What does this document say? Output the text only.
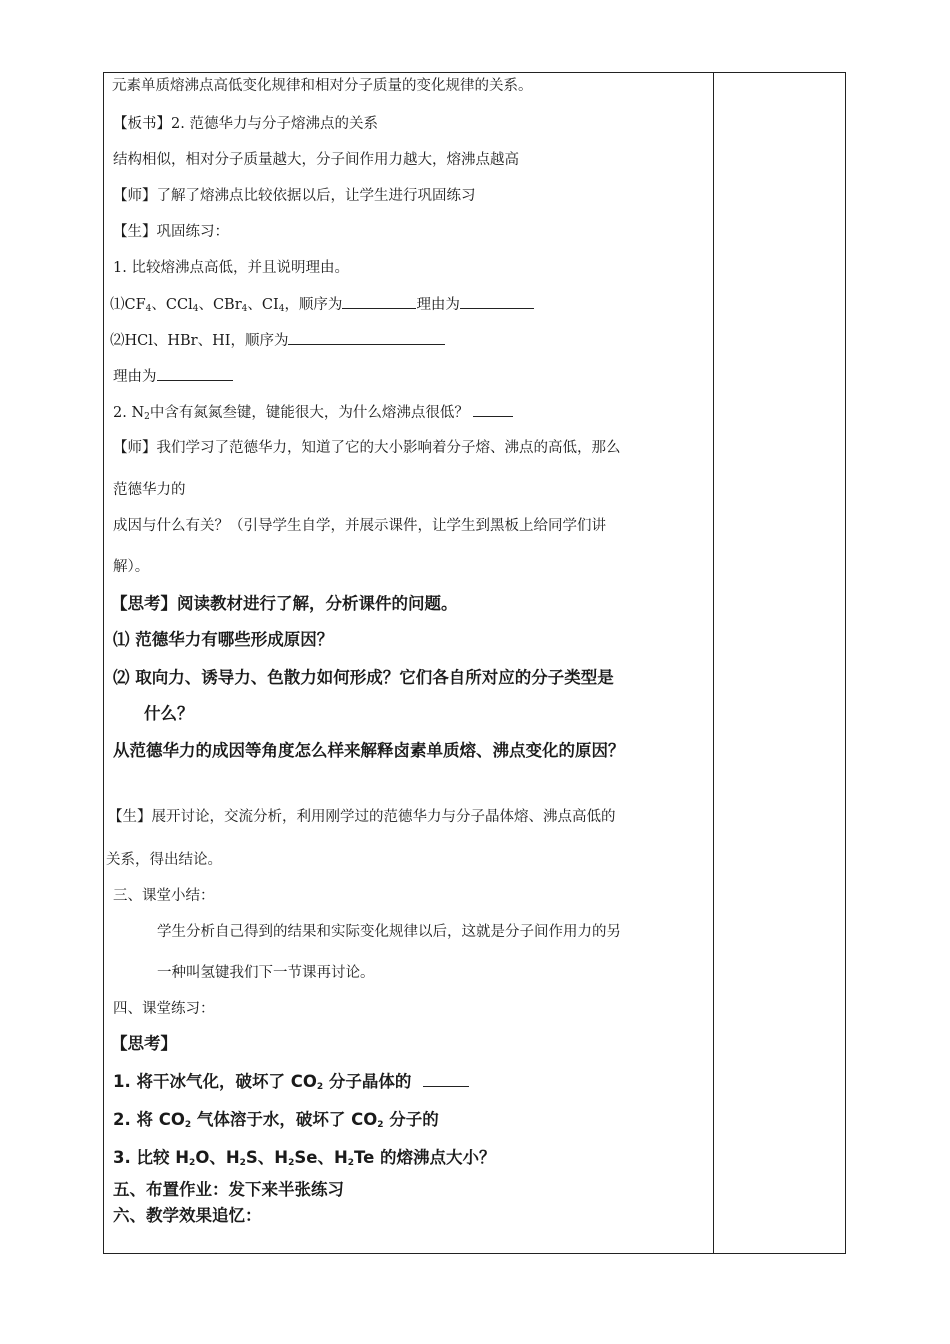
元素单质熔沸点高低变化规律和相对分子质量的变化规律的关系。
【板书】2. 范德华力与分子熔沸点的关系
结构相似，相对分子质量越大，分子间作用力越大，熔沸点越高
【师】了解了熔沸点比较依据以后，让学生进行巩固练习
【生】巩固练习：
1. 比较熔沸点高低，并且说明理由。
$⑴CF_4$、CCl$_4$、CBr$_4$、$CI_4$，顺序为	理由为
⑵HCl、HBr、HI，顺序为
理由为
2. $N_2$中含有氮氮叁键，键能很大，为什么熔沸点很低？
【师】我们学习了范德华力，知道了它的大小影响着分子熔、沸点的高低，那么
范德华力的
成因与什么有关？（引导学生自学，并展示课件，让学生到黑板上给同学们讲
解）。
【思考】阅读教材进行了解，分析课件的问题。
⑴ 范德华力有哪些形成原因？
⑵ 取向力、诱导力、色散力如何形成？它们各自所对应的分子类型是
什么？
从范德华力的成因等角度怎么样来解释卤素单质熔、沸点变化的原因？
【生】展开讨论，交流分析，利用刚学过的范德华力与分子晶体熔、沸点高低的
关系，得出结论。
三、课堂小结：
学生分析自己得到的结果和实际变化规律以后，这就是分子间作用力的另
一种叫氢键我们下一节课再讨论。
四、课堂练习：
【思考】
1. 将干冰气化，破坏了 $CO_2$ 分子晶体的
2. 将 $CO_2$ 气体溶于水，破坏了 $CO_2$ 分子的
3. 比较 $H_2O$、$H_2S$、$H_2Se$、$H_2Te$ 的熔沸点大小？
五、布置作业：发下来半张练习
六、教学效果追忆：
